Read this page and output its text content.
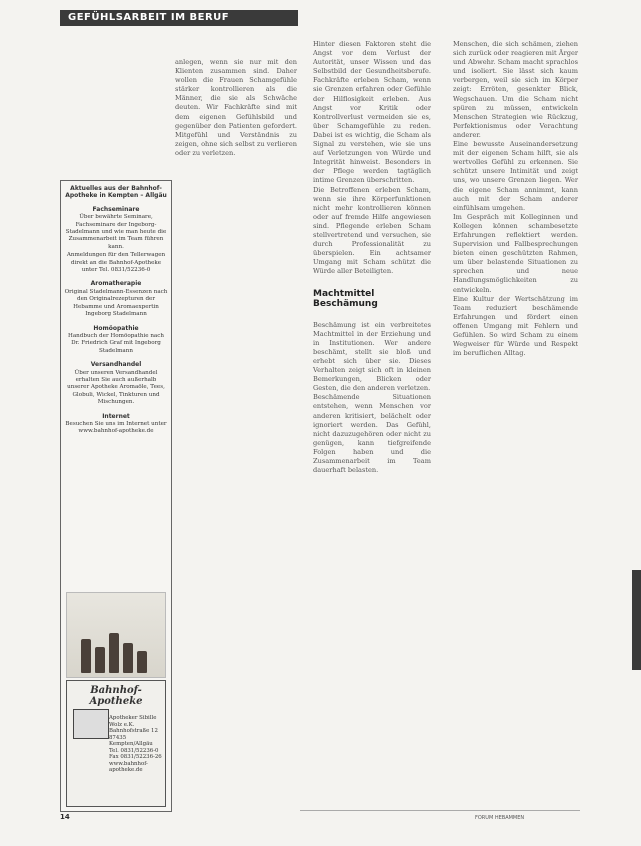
GEFÜHLSARBEIT IM BERUF

anlegen, wenn sie nur mit den Klienten zusammen sind. Daher wollen die Frauen Schamgefühle stärker kontrollieren als die Männer, die sie als Schwäche deuten. Wir Fachkräfte sind mit dem eigenen Gefühlsbild und gegenüber den Patienten gefordert. Mitgefühl und Verständnis zu zeigen, ohne sich selbst zu verlieren oder zu verletzen.

Hinter diesen Faktoren steht die Angst vor dem Verlust der Autorität, unser Wissen und das Selbstbild der Gesundheitsberufe. Fachkräfte erleben Scham, wenn sie Grenzen erfahren oder Gefühle der Hilflosigkeit erleben. Aus Angst vor Kritik oder Kontrollverlust vermeiden sie es, über Schamgefühle zu reden. Dabei ist es wichtig, die Scham als Signal zu verstehen, wie sie uns auf Verletzungen von Würde und Integrität hinweist. Besonders in der Pflege werden tagtäglich intime Grenzen überschritten.

Die Betroffenen erleben Scham, wenn sie ihre Körperfunktionen nicht mehr kontrollieren können oder auf fremde Hilfe angewiesen sind. Pflegende erleben Scham stellvertretend und versuchen, sie durch Professionalität zu überspielen. Ein achtsamer Umgang mit Scham schützt die Würde aller Beteiligten.

Machtmittel Beschämung

Beschämung ist ein verbreitetes Machtmittel in der Erziehung und in Institutionen. Wer andere beschämt, stellt sie bloß und erhebt sich über sie. Dieses Verhalten zeigt sich oft in kleinen Bemerkungen, Blicken oder Gesten, die den anderen verletzen.

Beschämende Situationen entstehen, wenn Menschen vor anderen kritisiert, belächelt oder ignoriert werden. Das Gefühl, nicht dazuzugehören oder nicht zu genügen, kann tiefgreifende Folgen haben und die Zusammenarbeit im Team dauerhaft belasten.

Menschen, die sich schämen, ziehen sich zurück oder reagieren mit Ärger und Abwehr. Scham macht sprachlos und isoliert. Sie lässt sich kaum verbergen, weil sie sich im Körper zeigt: Erröten, gesenkter Blick, Wegschauen. Um die Scham nicht spüren zu müssen, entwickeln Menschen Strategien wie Rückzug, Perfektionismus oder Verachtung anderer.

Eine bewusste Auseinandersetzung mit der eigenen Scham hilft, sie als wertvolles Gefühl zu erkennen. Sie schützt unsere Intimität und zeigt uns, wo unsere Grenzen liegen. Wer die eigene Scham annimmt, kann auch mit der Scham anderer einfühlsam umgehen.

Im Gespräch mit Kolleginnen und Kollegen können schambesetzte Erfahrungen reflektiert werden. Supervision und Fallbesprechungen bieten einen geschützten Rahmen, um über belastende Situationen zu sprechen und neue Handlungsmöglichkeiten zu entwickeln.

Eine Kultur der Wertschätzung im Team reduziert beschämende Erfahrungen und fördert einen offenen Umgang mit Fehlern und Gefühlen. So wird Scham zu einem Wegweiser für Würde und Respekt im beruflichen Alltag.

Aktuelles aus der Bahnhof-Apotheke in Kempten – Allgäu
Fachseminare

Über bewährte Seminare, Fachseminare der Ingeborg-Stadelmann und wie man heute die Zusammenarbeit im Team führen kann.

Anmeldungen für den Tellerwagen direkt an die Bahnhof-Apotheke unter Tel. 0831/52236-0

Aromatherapie

Original Stadelmann-Essenzen nach den Originalrezepturen der Hebamme und Aromaexpertin Ingeborg Stadelmann

Homöopathie

Handbuch der Homöopathie nach Dr. Friedrich Graf mit Ingeborg Stadelmann

Versandhandel

Über unseren Versandhandel erhalten Sie auch außerhalb unserer Apotheke Aromaöle, Tees, Globuli, Wickel, Tinkturen und Mischungen.

Internet

Besuchen Sie uns im Internet unter www.bahnhof-apotheke.de

Bahnhof-Apotheke
Apotheker Sibille Wolz e.K.
Bahnhofstraße 12
87435 Kempten/Allgäu
Tel. 0831/52236-0
Fax 0831/52236-26
www.bahnhof-apotheke.de
14	FORUM HEBAMMEN
